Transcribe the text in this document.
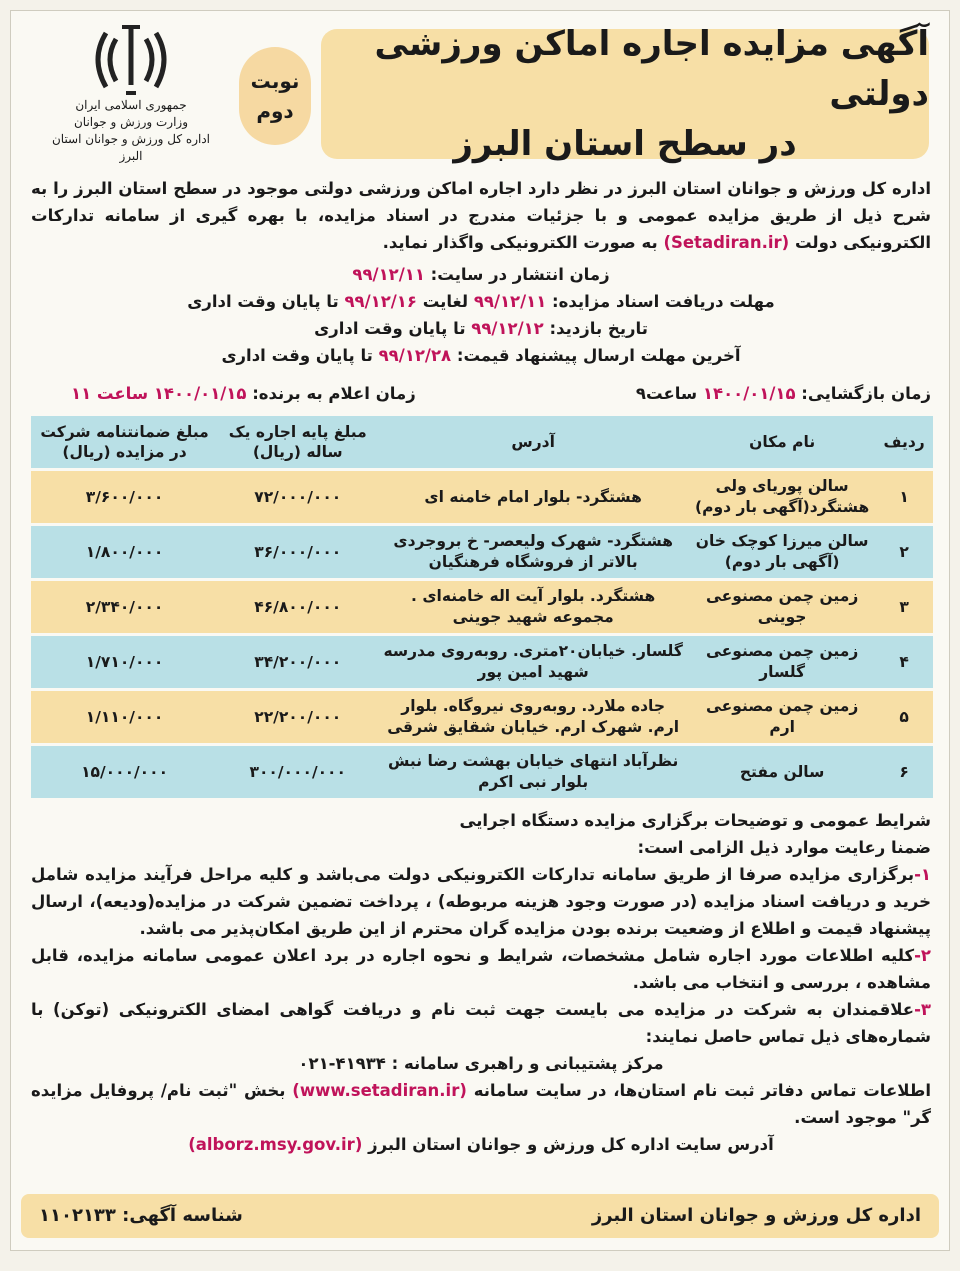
جمهوری اسلامی ایران
وزارت ورزش و جوانان
اداره کل ورزش و جوانان استان البرز
نوبت
دوم
آگهی مزایده اجاره اماکن ورزشی دولتی
در سطح استان البرز
اداره کل ورزش و جوانان استان البرز در نظر دارد اجاره اماکن ورزشی دولتی موجود در سطح استان البرز را به شرح ذیل از طریق مزایده عمومی و با جزئیات مندرج در اسناد مزایده، با بهره گیری از سامانه تدارکات الکترونیکی دولت (Setadiran.ir) به صورت الکترونیکی واگذار نماید.
زمان انتشار در سایت: ۹۹/۱۲/۱۱
مهلت دریافت اسناد مزایده: ۹۹/۱۲/۱۱ لغایت ۹۹/۱۲/۱۶ تا پایان وقت اداری
تاریخ بازدید: ۹۹/۱۲/۱۲ تا پایان وقت اداری
آخرین مهلت ارسال پیشنهاد قیمت: ۹۹/۱۲/۲۸ تا پایان وقت اداری
زمان بازگشایی: ۱۴۰۰/۰۱/۱۵ ساعت۹
زمان اعلام به برنده: ۱۴۰۰/۰۱/۱۵ ساعت ۱۱
ردیف	نام مکان	آدرس	مبلغ پایه اجاره یک ساله (ریال)	مبلغ ضمانتنامه شرکت در مزایده (ریال)
۱	سالن پوریای ولی هشتگرد(آگهی بار دوم)	هشتگرد- بلوار امام خامنه ای	۷۲/۰۰۰/۰۰۰	۳/۶۰۰/۰۰۰
۲	سالن میرزا کوچک خان (آگهی بار دوم)	هشتگرد- شهرک ولیعصر- خ بروجردی بالاتر از فروشگاه فرهنگیان	۳۶/۰۰۰/۰۰۰	۱/۸۰۰/۰۰۰
۳	زمین چمن مصنوعی جوینی	هشتگرد. بلوار آیت اله خامنه‌ای . مجموعه شهید جوینی	۴۶/۸۰۰/۰۰۰	۲/۳۴۰/۰۰۰
۴	زمین چمن مصنوعی گلسار	گلسار. خیابان۲۰متری. روبه‌روی مدرسه شهید امین پور	۳۴/۲۰۰/۰۰۰	۱/۷۱۰/۰۰۰
۵	زمین چمن مصنوعی ارم	جاده ملارد. روبه‌روی نیروگاه. بلوار ارم. شهرک ارم. خیابان شقایق شرقی	۲۲/۲۰۰/۰۰۰	۱/۱۱۰/۰۰۰
۶	سالن مفتح	نظرآباد انتهای خیابان بهشت رضا نبش بلوار نبی اکرم	۳۰۰/۰۰۰/۰۰۰	۱۵/۰۰۰/۰۰۰

شرایط عمومی و توضیحات برگزاری مزایده دستگاه اجرایی

ضمنا رعایت موارد ذیل الزامی است:

۱-برگزاری مزایده صرفا از طریق سامانه تدارکات الکترونیکی دولت می‌باشد و کلیه مراحل فرآیند مزایده شامل خرید و دریافت اسناد مزایده (در صورت وجود هزینه مربوطه) ، پرداخت تضمین شرکت در مزایده(ودیعه)، ارسال پیشنهاد قیمت و اطلاع از وضعیت برنده بودن مزایده گران محترم از این طریق امکان‌پذیر می باشد.

۲-کلیه اطلاعات مورد اجاره شامل مشخصات، شرایط و نحوه اجاره در برد اعلان عمومی سامانه مزایده، قابل مشاهده ، بررسی و انتخاب می باشد.

۳-علاقمندان به شرکت در مزایده می بایست جهت ثبت نام و دریافت گواهی امضای الکترونیکی (توکن) با شماره‌های ذیل تماس حاصل نمایند:

مرکز پشتیبانی و راهبری سامانه : ۴۱۹۳۴-۰۲۱

اطلاعات تماس دفاتر ثبت نام استان‌ها، در سایت سامانه (www.setadiran.ir) بخش "ثبت نام/ پروفایل مزایده گر" موجود است.

آدرس سایت اداره کل ورزش و جوانان استان البرز (alborz.msy.gov.ir)

اداره کل ورزش و جوانان استان البرز
شناسه آگهی: ۱۱۰۲۱۳۳
